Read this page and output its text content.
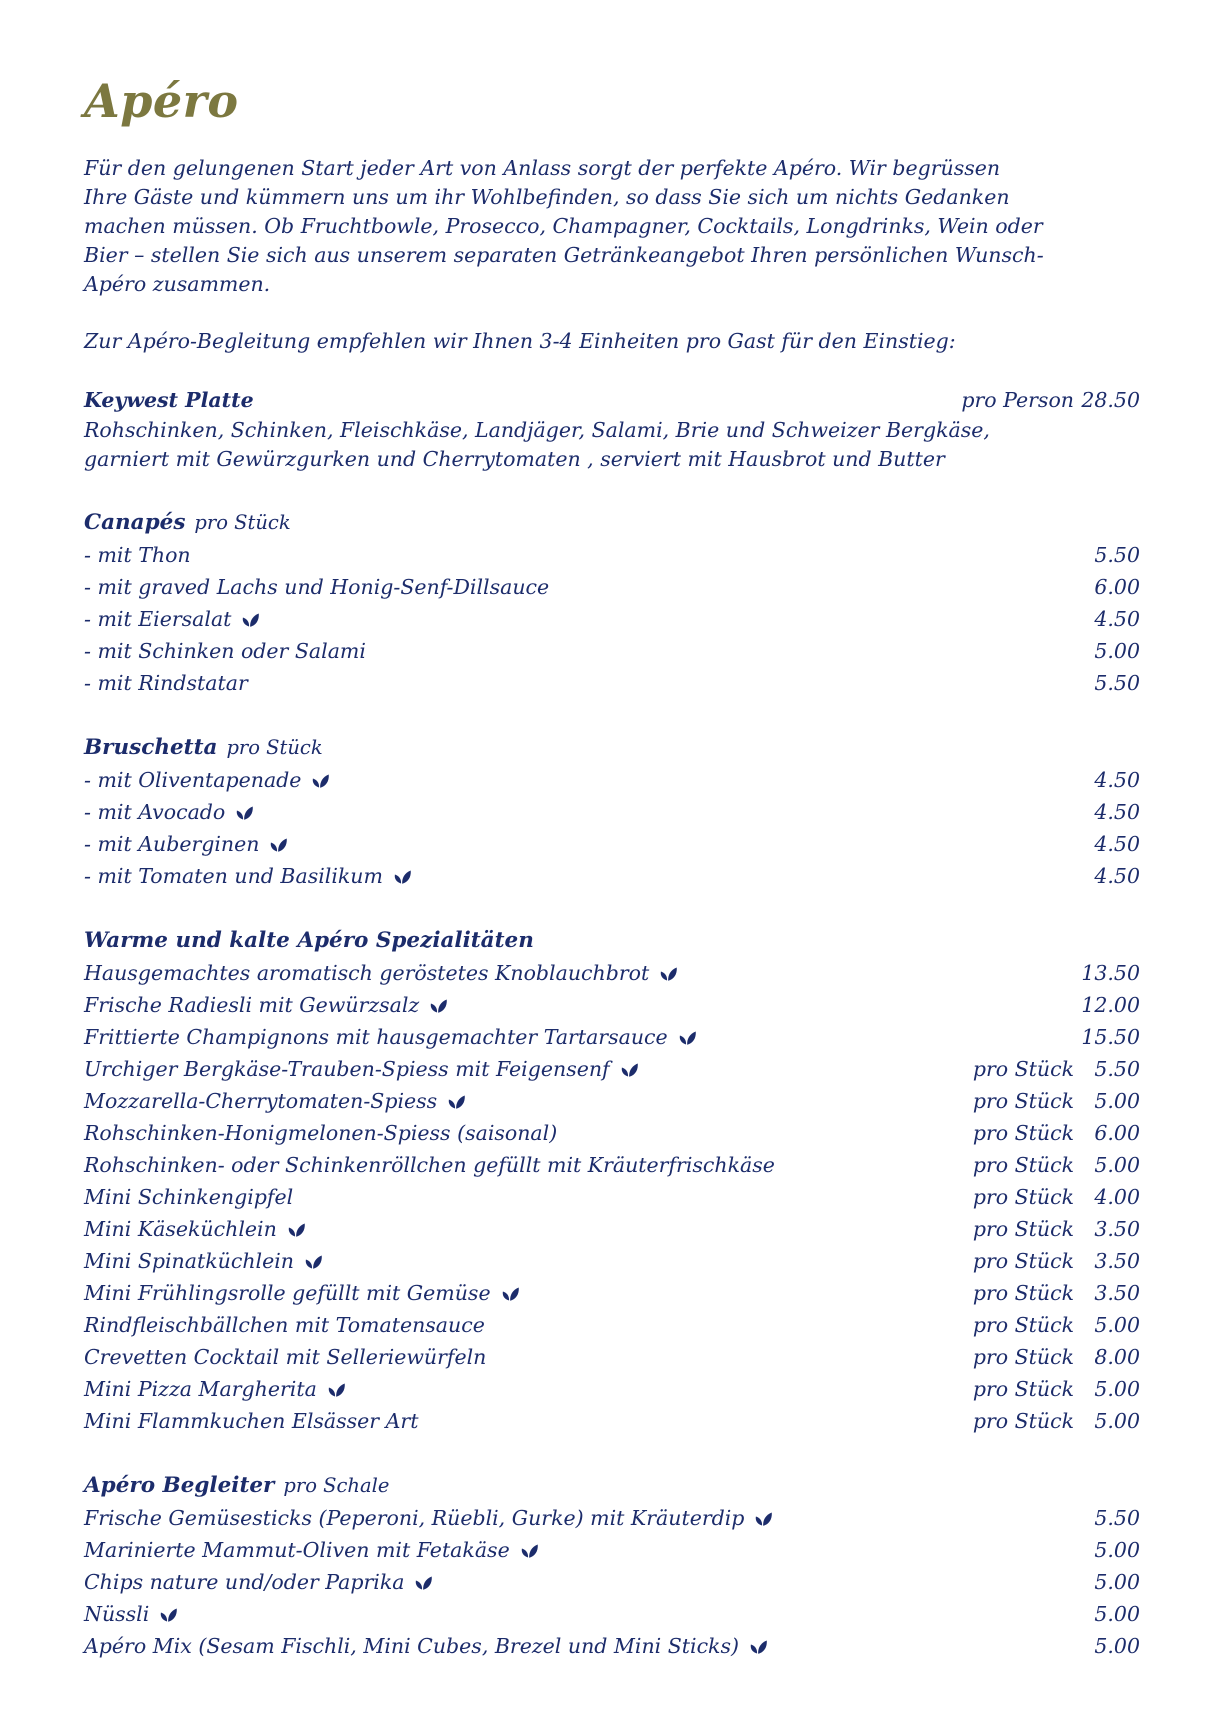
Apéro

Für den gelungenen Start jeder Art von Anlass sorgt der perfekte Apéro. Wir begrüssen Ihre Gäste und kümmern uns um ihr Wohlbefinden, so dass Sie sich um nichts Gedanken machen müssen. Ob Fruchtbowle, Prosecco, Champagner, Cocktails, Longdrinks, Wein oder Bier – stellen Sie sich aus unserem separaten Getränkeangebot Ihren persönlichen Wunsch-Apéro zusammen.

Zur Apéro-Begleitung empfehlen wir Ihnen 3-4 Einheiten pro Gast für den Einstieg:

Keywest Platte	pro Person 28.50
Rohschinken, Schinken, Fleischkäse, Landjäger, Salami, Brie und Schweizer Bergkäse,
garniert mit Gewürzgurken und Cherrytomaten , serviert mit Hausbrot und Butter
Canapés pro Stück
- mit Thon	5.50
- mit graved Lachs und Honig-Senf-Dillsauce	6.00
- mit Eiersalat	4.50
- mit Schinken oder Salami	5.00
- mit Rindstatar	5.50
Bruschetta pro Stück
- mit Oliventapenade	4.50
- mit Avocado	4.50
- mit Auberginen	4.50
- mit Tomaten und Basilikum	4.50
Warme und kalte Apéro Spezialitäten
Hausgemachtes aromatisch geröstetes Knoblauchbrot	13.50
Frische Radiesli mit Gewürzsalz	12.00
Frittierte Champignons mit hausgemachter Tartarsauce	15.50
Urchiger Bergkäse-Trauben-Spiess mit Feigensenf	pro Stück 5.50
Mozzarella-Cherrytomaten-Spiess	pro Stück 5.00
Rohschinken-Honigmelonen-Spiess (saisonal)	pro Stück 6.00
Rohschinken- oder Schinkenröllchen gefüllt mit Kräuterfrischkäse	pro Stück 5.00
Mini Schinkengipfel	pro Stück 4.00
Mini Käseküchlein	pro Stück 3.50
Mini Spinatküchlein	pro Stück 3.50
Mini Frühlingsrolle gefüllt mit Gemüse	pro Stück 3.50
Rindfleischbällchen mit Tomatensauce	pro Stück 5.00
Crevetten Cocktail mit Selleriewürfeln	pro Stück 8.00
Mini Pizza Margherita	pro Stück 5.00
Mini Flammkuchen Elsässer Art	pro Stück 5.00
Apéro Begleiter pro Schale
Frische Gemüsesticks (Peperoni, Rüebli, Gurke) mit Kräuterdip	5.50
Marinierte Mammut-Oliven mit Fetakäse	5.00
Chips nature und/oder Paprika	5.00
Nüssli	5.00
Apéro Mix (Sesam Fischli, Mini Cubes, Brezel und Mini Sticks)	5.00
